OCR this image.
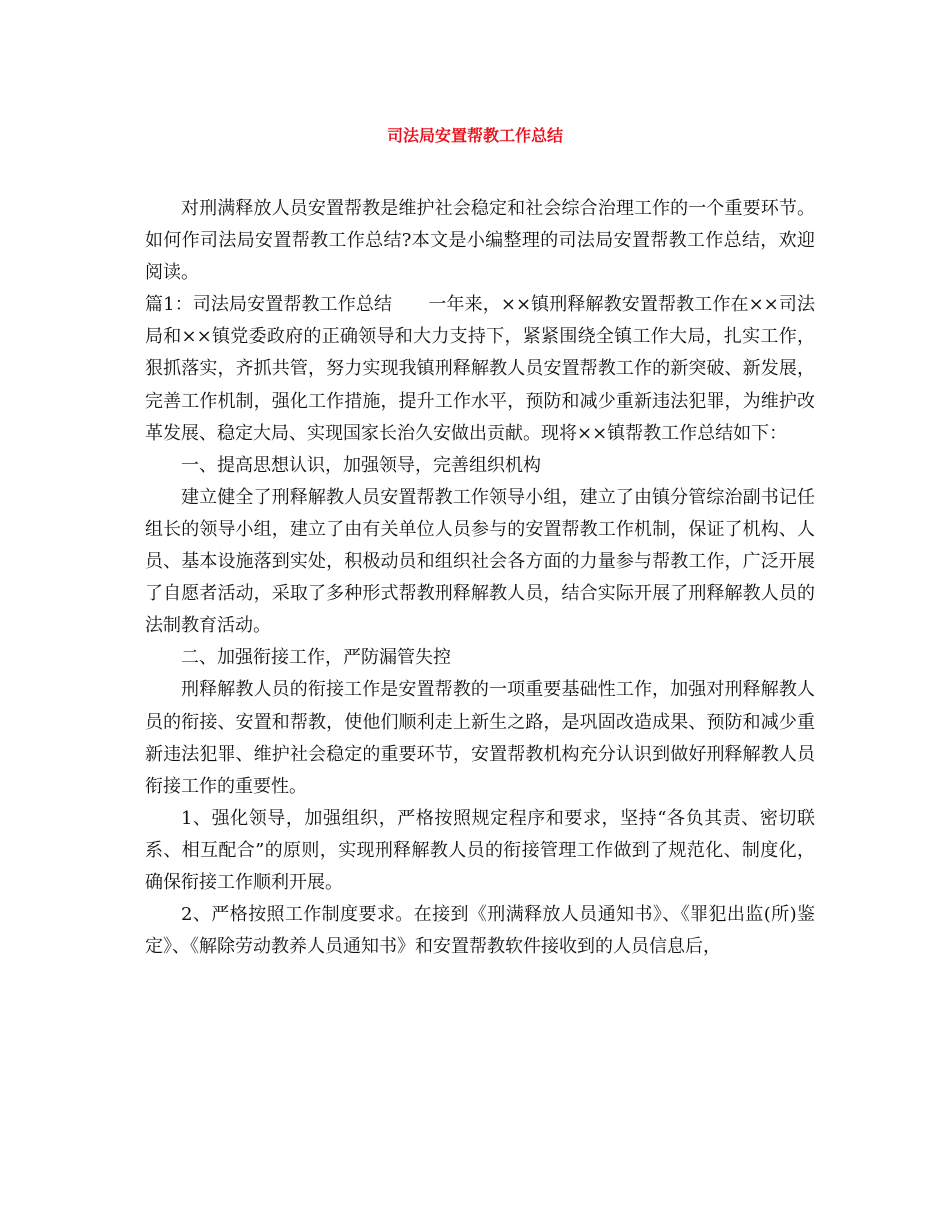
司法局安置帮教工作总结

对刑满释放人员安置帮教是维护社会稳定和社会综合治理工作的一个重要环节。如何作司法局安置帮教工作总结?本文是小编整理的司法局安置帮教工作总结，欢迎阅读。

篇1：司法局安置帮教工作总结　　一年来，××镇刑释解教安置帮教工作在××司法局和××镇党委政府的正确领导和大力支持下，紧紧围绕全镇工作大局，扎实工作，狠抓落实，齐抓共管，努力实现我镇刑释解教人员安置帮教工作的新突破、新发展，完善工作机制，强化工作措施，提升工作水平，预防和减少重新违法犯罪，为维护改革发展、稳定大局、实现国家长治久安做出贡献。现将××镇帮教工作总结如下：

一、提高思想认识，加强领导，完善组织机构

建立健全了刑释解教人员安置帮教工作领导小组，建立了由镇分管综治副书记任组长的领导小组，建立了由有关单位人员参与的安置帮教工作机制，保证了机构、人员、基本设施落到实处，积极动员和组织社会各方面的力量参与帮教工作，广泛开展了自愿者活动，采取了多种形式帮教刑释解教人员，结合实际开展了刑释解教人员的法制教育活动。

二、加强衔接工作，严防漏管失控

刑释解教人员的衔接工作是安置帮教的一项重要基础性工作，加强对刑释解教人员的衔接、安置和帮教，使他们顺利走上新生之路，是巩固改造成果、预防和减少重新违法犯罪、维护社会稳定的重要环节，安置帮教机构充分认识到做好刑释解教人员衔接工作的重要性。

1、强化领导，加强组织，严格按照规定程序和要求，坚持“各负其责、密切联系、相互配合”的原则，实现刑释解教人员的衔接管理工作做到了规范化、制度化，确保衔接工作顺利开展。

2、严格按照工作制度要求。在接到《刑满释放人员通知书》、《罪犯出监(所)鉴定》、《解除劳动教养人员通知书》和安置帮教软件接收到的人员信息后，
